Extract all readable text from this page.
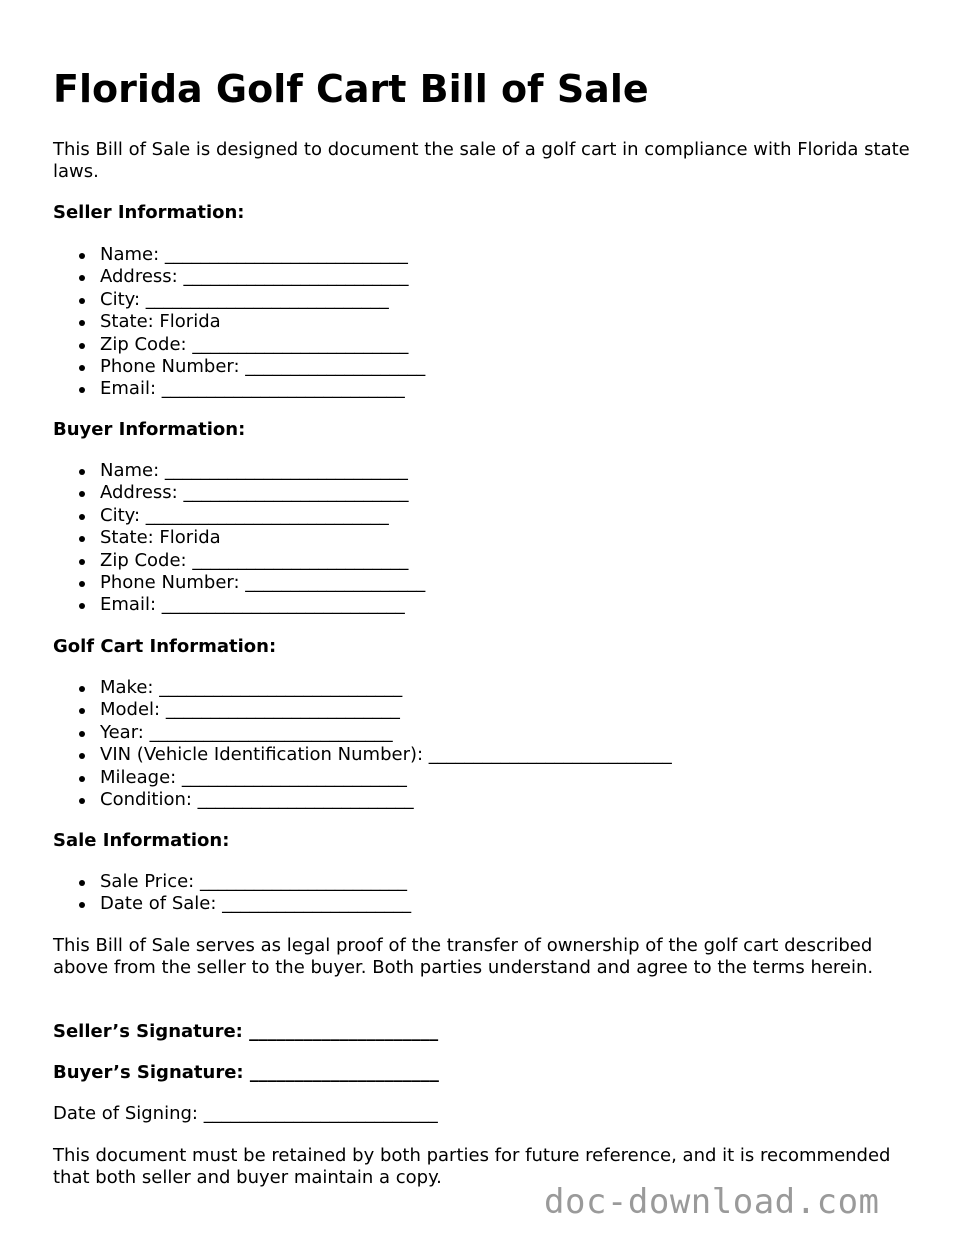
Florida Golf Cart Bill of Sale

This Bill of Sale is designed to document the sale of a golf cart in compliance with Florida state laws.

Seller Information:

Name: ___________________________
Address: _________________________
City: ___________________________
State: Florida
Zip Code: ________________________
Phone Number: ____________________
Email: ___________________________

Buyer Information:

Name: ___________________________
Address: _________________________
City: ___________________________
State: Florida
Zip Code: ________________________
Phone Number: ____________________
Email: ___________________________

Golf Cart Information:

Make: ___________________________
Model: __________________________
Year: ___________________________
VIN (Vehicle Identification Number): ___________________________
Mileage: _________________________
Condition: ________________________

Sale Information:

Sale Price: _______________________
Date of Sale: _____________________

This Bill of Sale serves as legal proof of the transfer of ownership of the golf cart described above from the seller to the buyer. Both parties understand and agree to the terms herein.

Seller’s Signature: _____________________
Buyer’s Signature: _____________________
Date of Signing: __________________________

This document must be retained by both parties for future reference, and it is recommended that both seller and buyer maintain a copy.

doc-download.com
